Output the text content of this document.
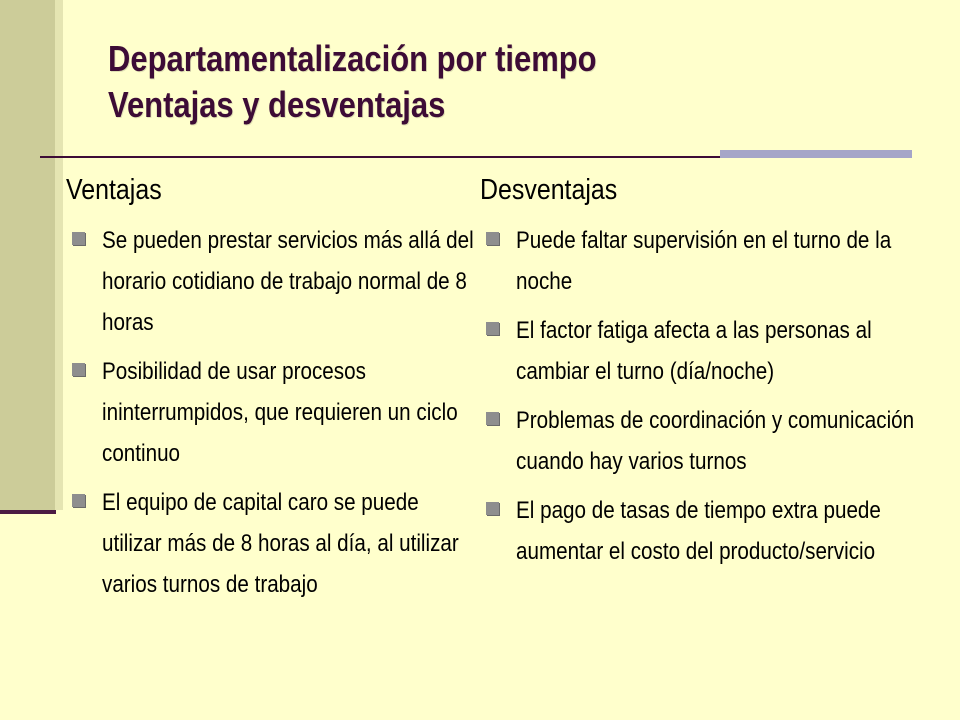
Departamentalización por tiempo
Ventajas y desventajas
Ventajas
Se pueden prestar servicios más allá del horario cotidiano de trabajo normal de 8 horas
Posibilidad de usar procesos ininterrumpidos, que requieren un ciclo continuo
El equipo de capital caro se puede utilizar más de 8 horas al día, al utilizar varios turnos de trabajo
Desventajas
Puede faltar supervisión en el turno de la noche
El factor fatiga afecta a las personas al cambiar el turno (día/noche)
Problemas de coordinación y comunicación cuando hay varios turnos
El pago de tasas de tiempo extra puede aumentar el costo del producto/servicio
